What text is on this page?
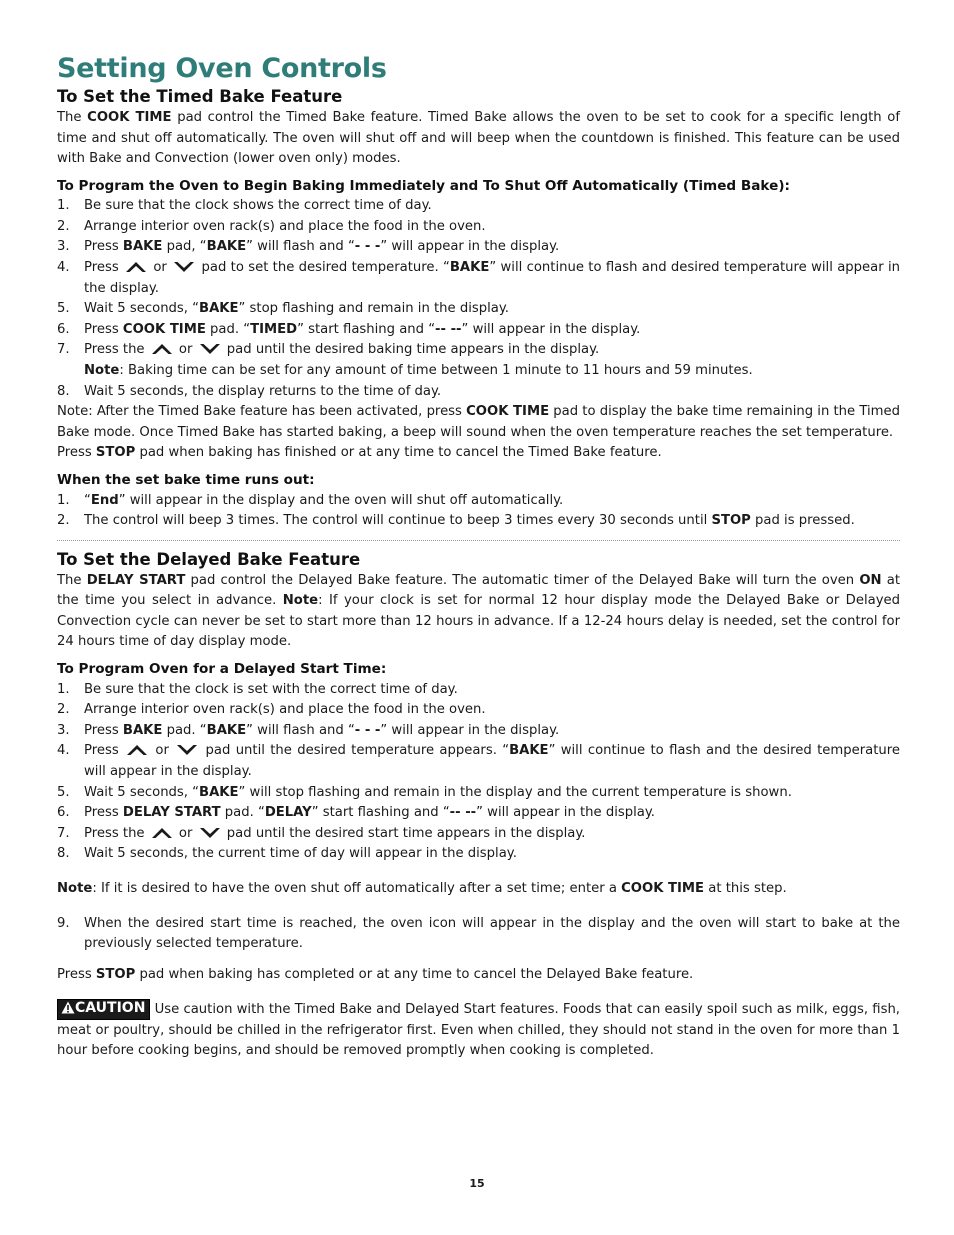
Setting Oven Controls
To Set the Timed Bake Feature

The COOK TIME pad control the Timed Bake feature. Timed Bake allows the oven to be set to cook for a specific length of time and shut off automatically. The oven will shut off and will beep when the countdown is finished. This feature can be used with Bake and Convection (lower oven only) modes.

To Program the Oven to Begin Baking Immediately and To Shut Off Automatically (Timed Bake):
1. Be sure that the clock shows the correct time of day.
2. Arrange interior oven rack(s) and place the food in the oven.
3. Press BAKE pad, “BAKE” will flash and “- - -” will appear in the display.
4. Press
or
pad to set the desired temperature. “BAKE” will continue to flash and desired temperature will appear in the display.
5. Wait 5 seconds, “BAKE” stop flashing and remain in the display.
6. Press COOK TIME pad. “TIMED” start flashing and “-- --” will appear in the display.
7. Press the
or
pad until the desired baking time appears in the display.
Note: Baking time can be set for any amount of time between 1 minute to 11 hours and 59 minutes.
8. Wait 5 seconds, the display returns to the time of day.

Note: After the Timed Bake feature has been activated, press COOK TIME pad to display the bake time remaining in the Timed Bake mode. Once Timed Bake has started baking, a beep will sound when the oven temperature reaches the set temperature.

Press STOP pad when baking has finished or at any time to cancel the Timed Bake feature.

When the set bake time runs out:
1. “End” will appear in the display and the oven will shut off automatically.
2. The control will beep 3 times. The control will continue to beep 3 times every 30 seconds until STOP pad is pressed.
To Set the Delayed Bake Feature

The DELAY START pad control the Delayed Bake feature. The automatic timer of the Delayed Bake will turn the oven ON at the time you select in advance. Note: If your clock is set for normal 12 hour display mode the Delayed Bake or Delayed Convection cycle can never be set to start more than 12 hours in advance. If a 12-24 hours delay is needed, set the control for 24 hours time of day display mode.

To Program Oven for a Delayed Start Time:
1. Be sure that the clock is set with the correct time of day.
2. Arrange interior oven rack(s) and place the food in the oven.
3. Press BAKE pad. “BAKE” will flash and “- - -” will appear in the display.
4. Press
or
pad until the desired temperature appears. “BAKE” will continue to flash and the desired temperature will appear in the display.
5. Wait 5 seconds, “BAKE” will stop flashing and remain in the display and the current temperature is shown.
6. Press DELAY START pad. “DELAY” start flashing and “-- --” will appear in the display.
7. Press the
or
pad until the desired start time appears in the display.
8. Wait 5 seconds, the current time of day will appear in the display.

Note: If it is desired to have the oven shut off automatically after a set time; enter a COOK TIME at this step.

9. When the desired start time is reached, the oven icon will appear in the display and the oven will start to bake at the previously selected temperature.

Press STOP pad when baking has completed or at any time to cancel the Delayed Bake feature.

CAUTION Use caution with the Timed Bake and Delayed Start features. Foods that can easily spoil such as milk, eggs, fish, meat or poultry, should be chilled in the refrigerator first. Even when chilled, they should not stand in the oven for more than 1 hour before cooking begins, and should be removed promptly when cooking is completed.

15
